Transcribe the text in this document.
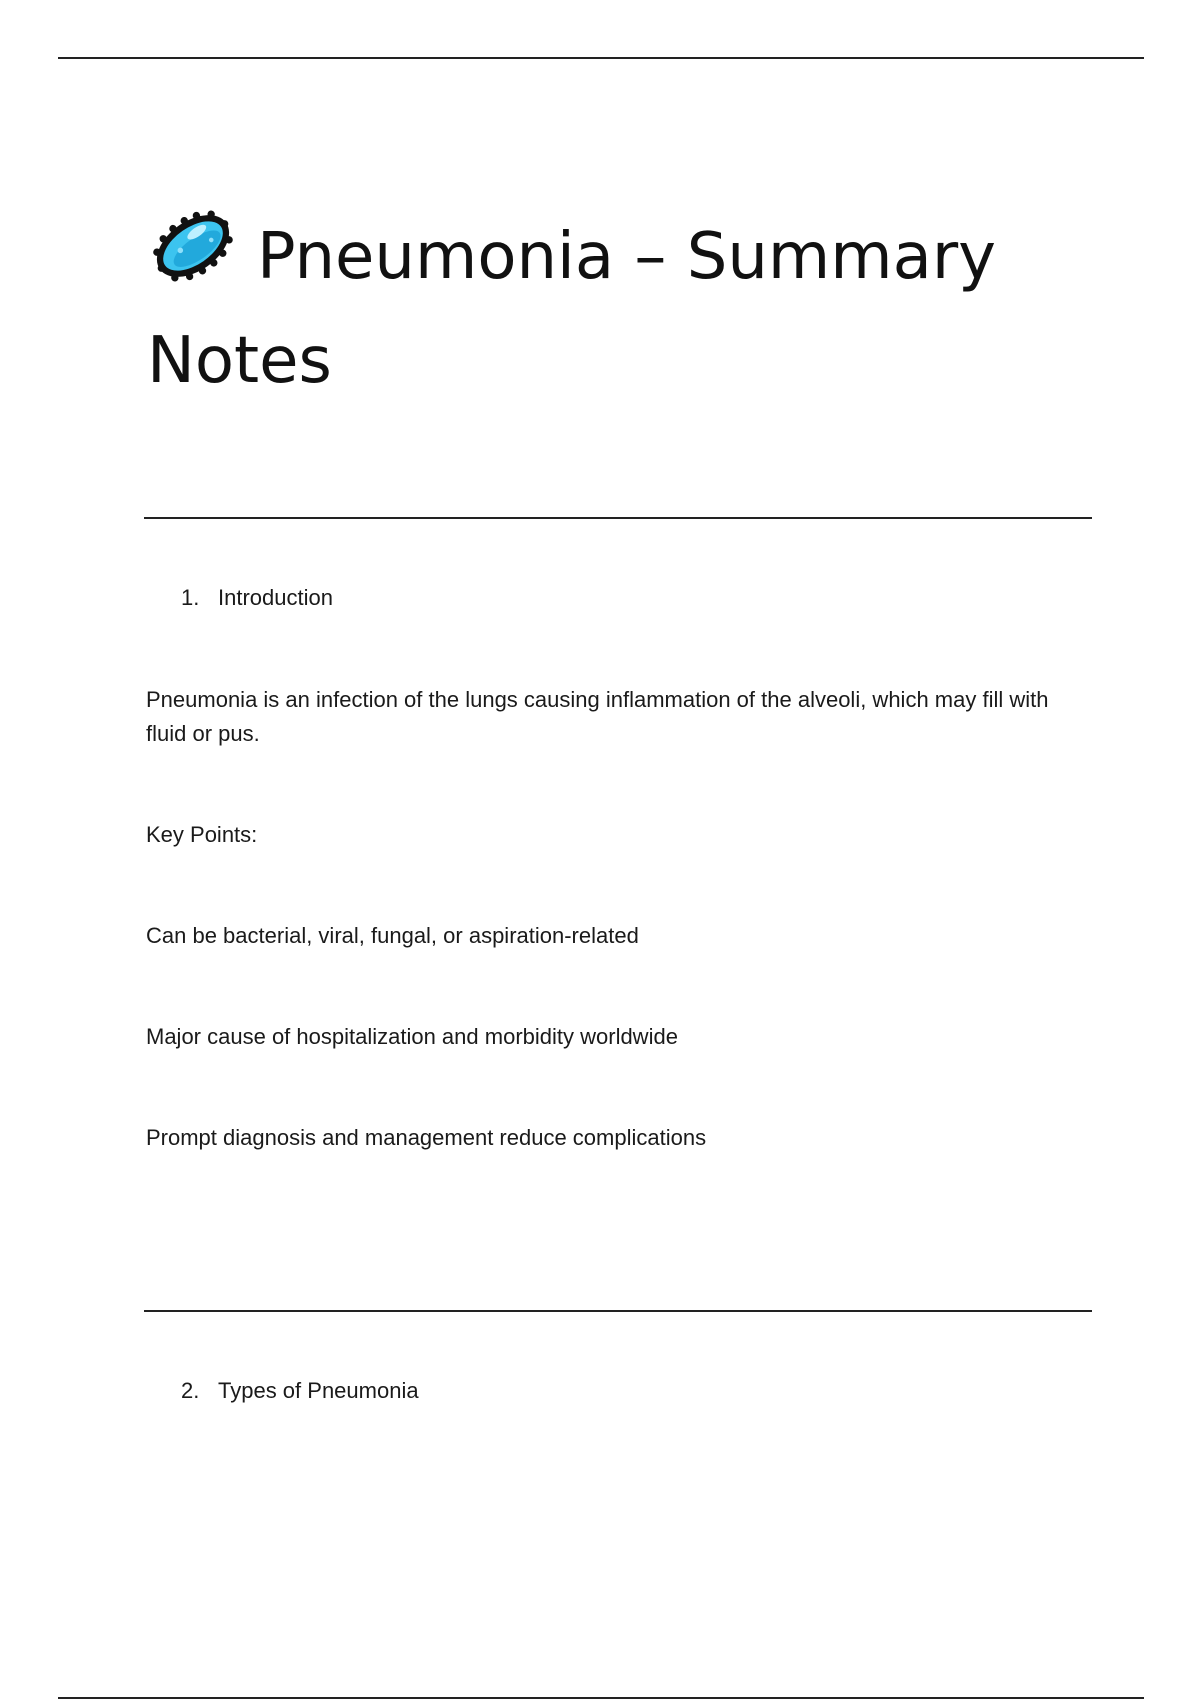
Pneumonia – Summary Notes
1. Introduction

Pneumonia is an infection of the lungs causing inflammation of the alveoli, which may fill with fluid or pus.

Key Points:

Can be bacterial, viral, fungal, or aspiration-related

Major cause of hospitalization and morbidity worldwide

Prompt diagnosis and management reduce complications

2. Types of Pneumonia
